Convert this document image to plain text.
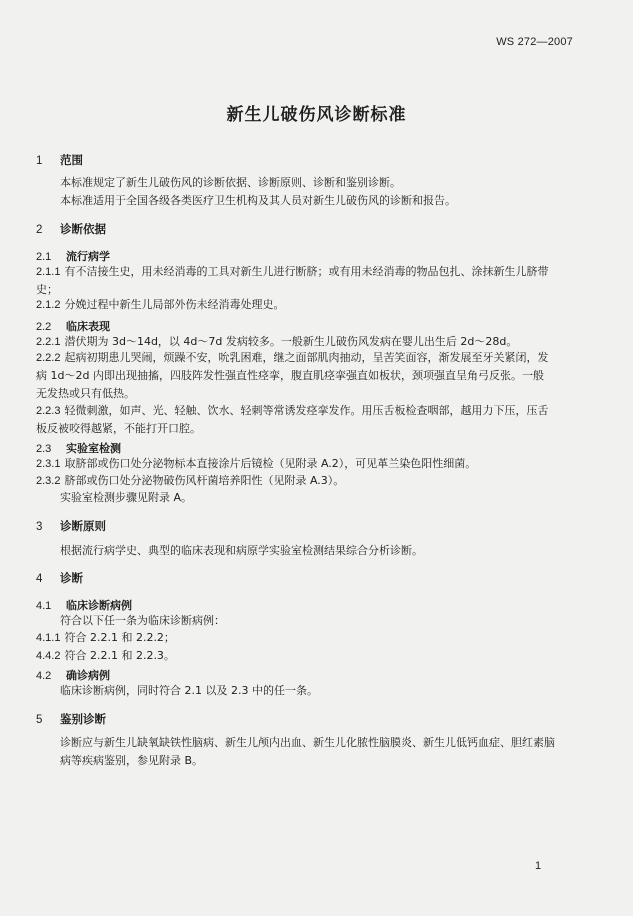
WS 272—2007
新生儿破伤风诊断标准
1 范围
本标准规定了新生儿破伤风的诊断依据、诊断原则、诊断和鉴别诊断。
本标准适用于全国各级各类医疗卫生机构及其人员对新生儿破伤风的诊断和报告。
2 诊断依据
2.1 流行病学
2.1.1 有不洁接生史，用未经消毒的工具对新生儿进行断脐；或有用未经消毒的物品包扎、涂抹新生儿脐带史；
2.1.2 分娩过程中新生儿局部外伤未经消毒处理史。
2.2 临床表现
2.2.1 潜伏期为 3d～14d，以 4d～7d 发病较多。一般新生儿破伤风发病在婴儿出生后 2d～28d。
2.2.2 起病初期患儿哭闹，烦躁不安，吮乳困难，继之面部肌肉抽动，呈苦笑面容，渐发展至牙关紧闭，发病 1d～2d 内即出现抽搐，四肢阵发性强直性痉挛，腹直肌痉挛强直如板状，颈项强直呈角弓反张。一般无发热或只有低热。
2.2.3 轻微刺激，如声、光、轻触、饮水、轻刺等常诱发痉挛发作。用压舌板检查咽部，越用力下压，压舌板反被咬得越紧，不能打开口腔。
2.3 实验室检测
2.3.1 取脐部或伤口处分泌物标本直接涂片后镜检（见附录 A.2），可见革兰染色阳性细菌。
2.3.2 脐部或伤口处分泌物破伤风杆菌培养阳性（见附录 A.3）。
实验室检测步骤见附录 A。
3 诊断原则
根据流行病学史、典型的临床表现和病原学实验室检测结果综合分析诊断。
4 诊断
4.1 临床诊断病例
符合以下任一条为临床诊断病例：
4.1.1 符合 2.2.1 和 2.2.2；
4.4.2 符合 2.2.1 和 2.2.3。
4.2 确诊病例
临床诊断病例，同时符合 2.1 以及 2.3 中的任一条。
5 鉴别诊断
诊断应与新生儿缺氧缺铁性脑病、新生儿颅内出血、新生儿化脓性脑膜炎、新生儿低钙血症、胆红素脑病等疾病鉴别，参见附录 B。
1
